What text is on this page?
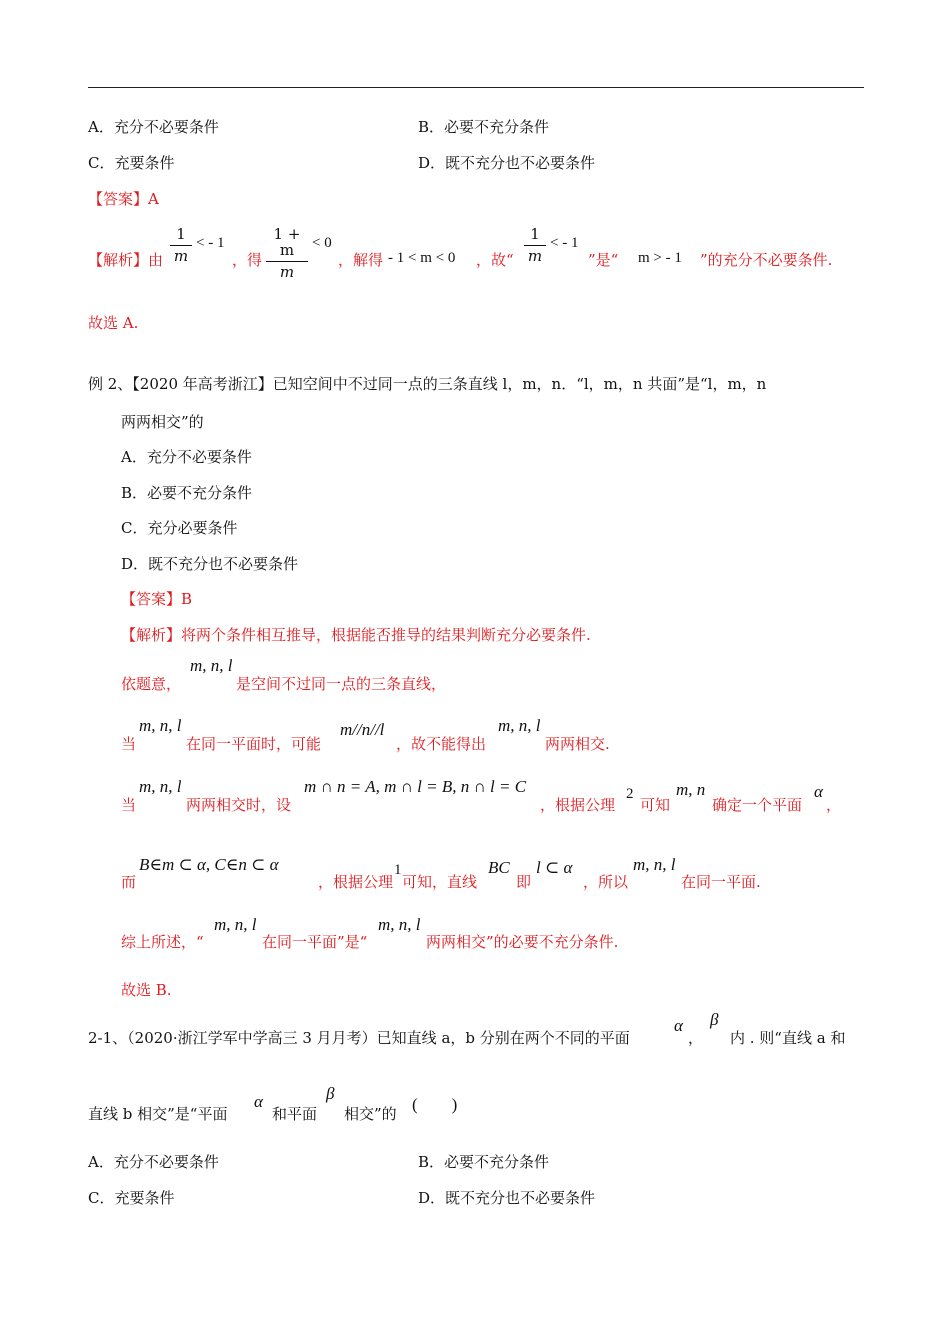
A．充分不必要条件	B．必要不充分条件
C．充要条件	D．既不充分也不必要条件
【答案】A
【解析】由
1
m
< - 1
，得
1 + m
m
< 0
，解得 - 1 < m < 0 ，故“
1
m
< - 1
”是“ m > - 1 ”的充分不必要条件.
故选 A.
例 2、【2020 年高考浙江】已知空间中不过同一点的三条直线 l，m，n．“l，m，n 共面”是“l，m，n
两两相交”的
A．充分不必要条件
B．必要不充分条件
C．充分必要条件
D．既不充分也不必要条件
【答案】B
【解析】将两个条件相互推导，根据能否推导的结果判断充分必要条件.
依题意，
m, n, l
是空间不过同一点的三条直线，
当
m, n, l
在同一平面时，可能
m//n//l
，故不能得出
m, n, l
两两相交.
当
m, n, l
两两相交时，设
m ∩ n = A, m ∩ l = B, n ∩ l = C
，根据公理
2
可知
m, n
确定一个平面
α
，
而
B∈m ⊂ α, C∈n ⊂ α
，根据公理
1
可知，直线
BC
即
l ⊂ α
，所以
m, n, l
在同一平面.
综上所述，“
m, n, l
在同一平面”是“
m, n, l
两两相交”的必要不充分条件.
故选 B.
2-1、（2020·浙江学军中学高三 3 月月考）已知直线 a，b 分别在两个不同的平面
α
，
β
内 . 则“直线 a 和
直线 b 相交”是“平面
α
和平面
β
相交”的 (　　)
A．充分不必要条件	B．必要不充分条件
C．充要条件	D．既不充分也不必要条件
